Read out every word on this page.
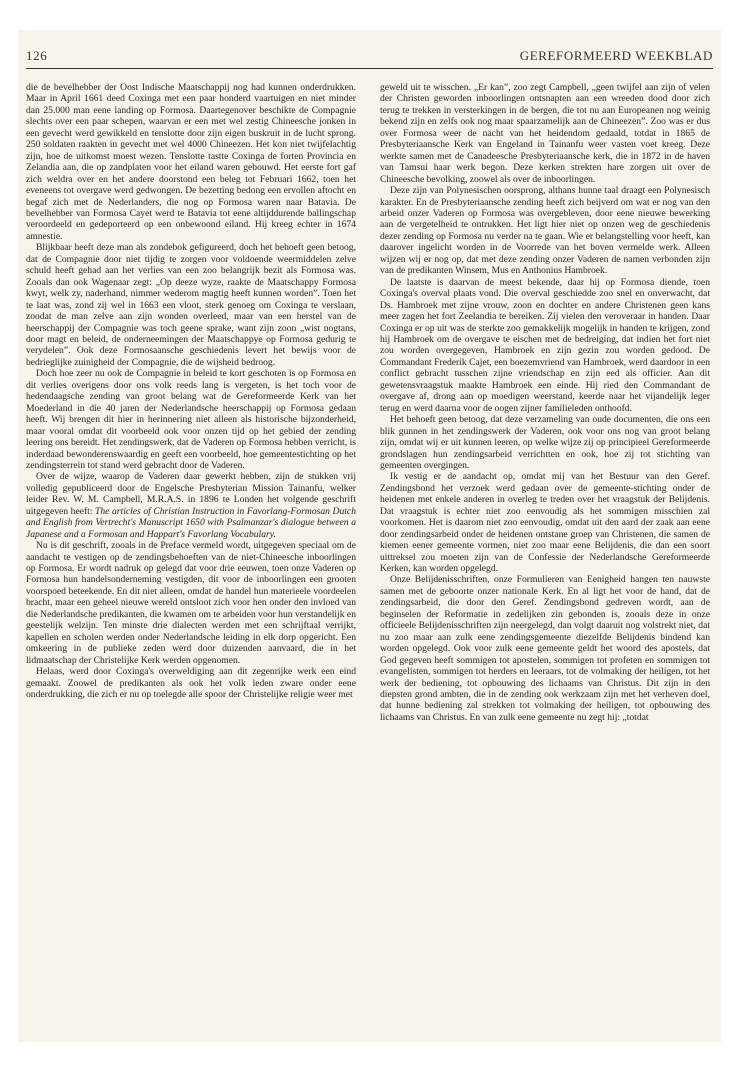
126	GEREFORMEERD WEEKBLAD

die de bevelhebber der Oost Indische Maatschappij nog had kunnen onderdrukken. Maar in April 1661 deed Coxinga met een paar honderd vaartuigen en niet minder dan 25.000 man eene landing op Formosa. Daartegenover beschikte de Compagnie slechts over een paar schepen, waarvan er een met wel zestig Chineesche jonken in een gevecht werd gewikkeld en tenslotte door zijn eigen buskruit in de lucht sprong. 250 soldaten raakten in gevecht met wel 4000 Chineezen. Het kon niet twijfelachtig zijn, hoe de uitkomst moest wezen. Tenslotte tastte Coxinga de forten Provincia en Zelandia aan, die op zandplaten voor het eiland waren gebouwd. Het eerste fort gaf zich weldra over en het andere doorstond een beleg tot Februari 1662, toen het eveneens tot overgave werd gedwongen. De bezetting bedong een ervollen aftocht en begaf zich met de Nederlanders, die nog op Formosa waren naar Batavia. De bevelhebber van Formosa Cayet werd te Batavia tot eene altijddurende ballingschap veroordeeld en gedeporteerd op een onbewoond eiland. Hij kreeg echter in 1674 amnestie.

Blijkbaar heeft deze man als zondebok gefigureerd, doch het behoeft geen betoog, dat de Compagnie door niet tijdig te zorgen voor voldoende weermiddelen zelve schuld heeft gehad aan het verlies van een zoo belangrijk bezit als Formosa was. Zooals dan ook Wagenaar zegt: „Op deeze wyze, raakte de Maatschappy Formosa kwyt, welk zy, naderhand, nimmer wederom magtig heeft kunnen worden”. Toen het te laat was, zond zij wel in 1663 een vloot, sterk genoeg om Coxinga te verslaan, zoodat de man zelve aan zijn wonden overleed, maar van een herstel van de heerschappij der Compagnie was toch geene sprake, want zijn zoon „wist nogtans, door magt en beleid, de onderneemingen der Maatschappye op Formosa gedurig te verydelen”. Ook deze Formosaansche geschiedenis levert het bewijs voor de bedrieglijke zuinigheid der Compagnie, die de wijsheid bedroog.

Doch hoe zeer nu ook de Compagnie in beleid te kort geschoten is op Formosa en dit verlies overigens door ons volk reeds lang is vergeten, is het toch voor de hedendaagsche zending van groot belang wat de Gereformeerde Kerk van het Moederland in die 40 jaren der Nederlandsche heerschappij op Formosa gedaan heeft. Wij brengen dit hier in herinnering niet alleen als historische bijzonderheid, maar vooral omdat dit voorbeeld ook voor onzen tijd op het gebied der zending leering ons bereidt. Het zendingswerk, dat de Vaderen op Formosa hebben verricht, is inderdaad bewonderenswaardig en geeft een voorbeeld, hoe gemeentestichting op het zendingsterrein tot stand werd gebracht door de Vaderen.

Over de wijze, waarop de Vaderen daar gewerkt hebben, zijn de stukken vrij volledig gepubliceerd door de Engelsche Presbyterian Mission Tainanfu, welker leider Rev. W. M. Campbell, M.R.A.S. in 1896 te Londen het volgende geschrift uitgegeven heeft: The articles of Christian Instruction in Favorlang-Formosan Dutch and English from Vertrecht's Manuscript 1650 with Psalmanzar's dialogue between a Japanese and a Formosan and Happart's Favorlang Vocabulary.

Nu is dit geschrift, zooals in de Preface vermeld wordt, uitgegeven speciaal om de aandacht te vestigen op de zendingsbehoeften van de niet-Chineesche inboorlingen op Formosa. Er wordt nadruk op gelegd dat voor drie eeuwen, toen onze Vaderen op Formosa hun handelsonderneming vestigden, dit voor de inboorlingen een grooten voorspoed beteekende. En dit niet alleen, omdat de handel hun materieele voordeelen bracht, maar een geheel nieuwe wereld ontsloot zich voor hen onder den invloed van die Nederlandsche predikanten, die kwamen om te arbeiden voor hun verstandelijk en geestelijk welzijn. Ten minste drie dialecten werden met een schrijftaal verrijkt, kapellen en scholen werden onder Nederlandsche leiding in elk dorp opgericht. Een omkeering in de publieke zeden werd door duizenden aanvaard, die in het lidmaatschap der Christelijke Kerk werden opgenomen.

Helaas, werd door Coxinga's overweldiging aan dit zegenrijke werk een eind gemaakt. Zoowel de predikanten als ook het volk leden zware onder eene onderdrukking, die zich er nu op toelegde alle spoor der Christelijke religie weer met

geweld uit te wisschen. „Er kan”, zoo zegt Campbell, „geen twijfel aan zijn of velen der Christen geworden inboorlingen ontsnapten aan een wreeden dood door zich terug te trekken in versterkingen in de bergen, die tot nu aan Europeanen nog weinig bekend zijn en zelfs ook nog maar spaarzamelijk aan de Chineezen”. Zoo was er dus over Formosa weer de nacht van het heidendom gedaald, totdat in 1865 de Presbyteriaansche Kerk van Engeland in Tainanfu weer vasten voet kreeg. Deze werkte samen met de Canadeesche Presbyteriaansche kerk, die in 1872 in de haven van Tamsui haar werk begon. Deze kerken strekten hare zorgen uit over de Chineesche bevolking, zoowel als over de inboorlingen.

Deze zijn van Polynesischen oorsprong, althans hunne taal draagt een Polynesisch karakter. En de Presbyteriaansche zending heeft zich beijverd om wat er nog van den arbeid onzer Vaderen op Formosa was overgebleven, door eene nieuwe bewerking aan de vergetelheid te ontrukken. Het ligt hier niet op onzen weg de geschiedenis dezer zending op Formosa nu verder na te gaan. Wie er belangstelling voor heeft, kan daarover ingelicht worden in de Voorrede van het boven vermelde werk. Alleen wijzen wij er nog op, dat met deze zending onzer Vaderen de namen verbonden zijn van de predikanten Winsem, Mus en Anthonius Hambroek.

De laatste is daarvan de meest bekende, daar hij op Formosa diende, toen Coxinga's overval plaats vond. Die overval geschiedde zoo snel en onverwacht, dat Ds. Hambroek met zijne vrouw, zoon en dochter en andere Christenen geen kans meer zagen het fort Zeelandia te bereiken. Zij vielen den veroveraar in handen. Daar Coxinga er op uit was de sterkte zoo gemakkelijk mogelijk in handen te krijgen, zond hij Hambroek om de overgave te eischen met de bedreiging, dat indien het fort niet zou worden overgegeven, Hambroek en zijn gezin zou worden gedood. De Commandant Frederik Cajet, een boezemvriend van Hambroek, werd daardoor in een conflict gebracht tusschen zijne vriendschap en zijn eed als officier. Aan dit gewetensvraagstuk maakte Hambroek een einde. Hij ried den Commandant de overgave af, drong aan op moedigen weerstand, keerde naar het vijandelijk leger terug en werd daarna voor de oogen zijner familieleden onthoofd.

Het behoeft geen betoog, dat deze verzameling van oude documenten, die ons een blik gunnen in het zendingswerk der Vaderen, ook voor ons nog van groot belang zijn, omdat wij er uit kunnen leeren, op welke wijze zij op principieel Gereformeerde grondslagen hun zendingsarbeid verrichtten en ook, hoe zij tot stichting van gemeenten overgingen.

Ik vestig er de aandacht op, omdat mij van het Bestuur van den Geref. Zendingsbond het verzoek werd gedaan over de gemeente-stichting onder de heidenen met enkele anderen in overleg te treden over het vraagstuk der Belijdenis. Dat vraagstuk is echter niet zoo eenvoudig als het sommigen misschien zal voorkomen. Het is daarom niet zoo eenvoudig, omdat uit den aard der zaak aan eene door zendingsarbeid onder de heidenen ontstane groep van Christenen, die samen de kiemen eener gemeente vormen, niet zoo maar eene Belijdenis, die dan een soort uittreksel zou moeten zijn van de Confessie der Nederlandsche Gereformeerde Kerken, kan worden opgelegd.

Onze Belijdenisschriften, onze Formulieren van Eenigheid hangen ten nauwste samen met de geboorte onzer nationale Kerk. En al ligt het voor de hand, dat de zendingsarbeid, die door den Geref. Zendingsbond gedreven wordt, aan de beginselen der Reformatie in zedelijken zin gebonden is, zooals deze in onze officieele Belijdenisschriften zijn neergelegd, dan volgt daaruit nog volstrekt niet, dat nu zoo maar aan zulk eene zendingsgemeente diezelfde Belijdenis bindend kan worden opgelegd. Ook voor zulk eene gemeente geldt het woord des apostels, dat God gegeven heeft sommigen tot apostelen, sommigen tot profeten en sommigen tot evangelisten, sommigen tot herders en leeraars, tot de volmaking der heiligen, tot het werk der bediening, tot opbouwing des lichaams van Christus. Dit zijn in den diepsten grond ambten, die in de zending ook werkzaam zijn met het verheven doel, dat hunne bediening zal strekken tot volmaking der heiligen, tot opbouwing des lichaams van Christus. En van zulk eene gemeente nu zegt hij: „totdat
